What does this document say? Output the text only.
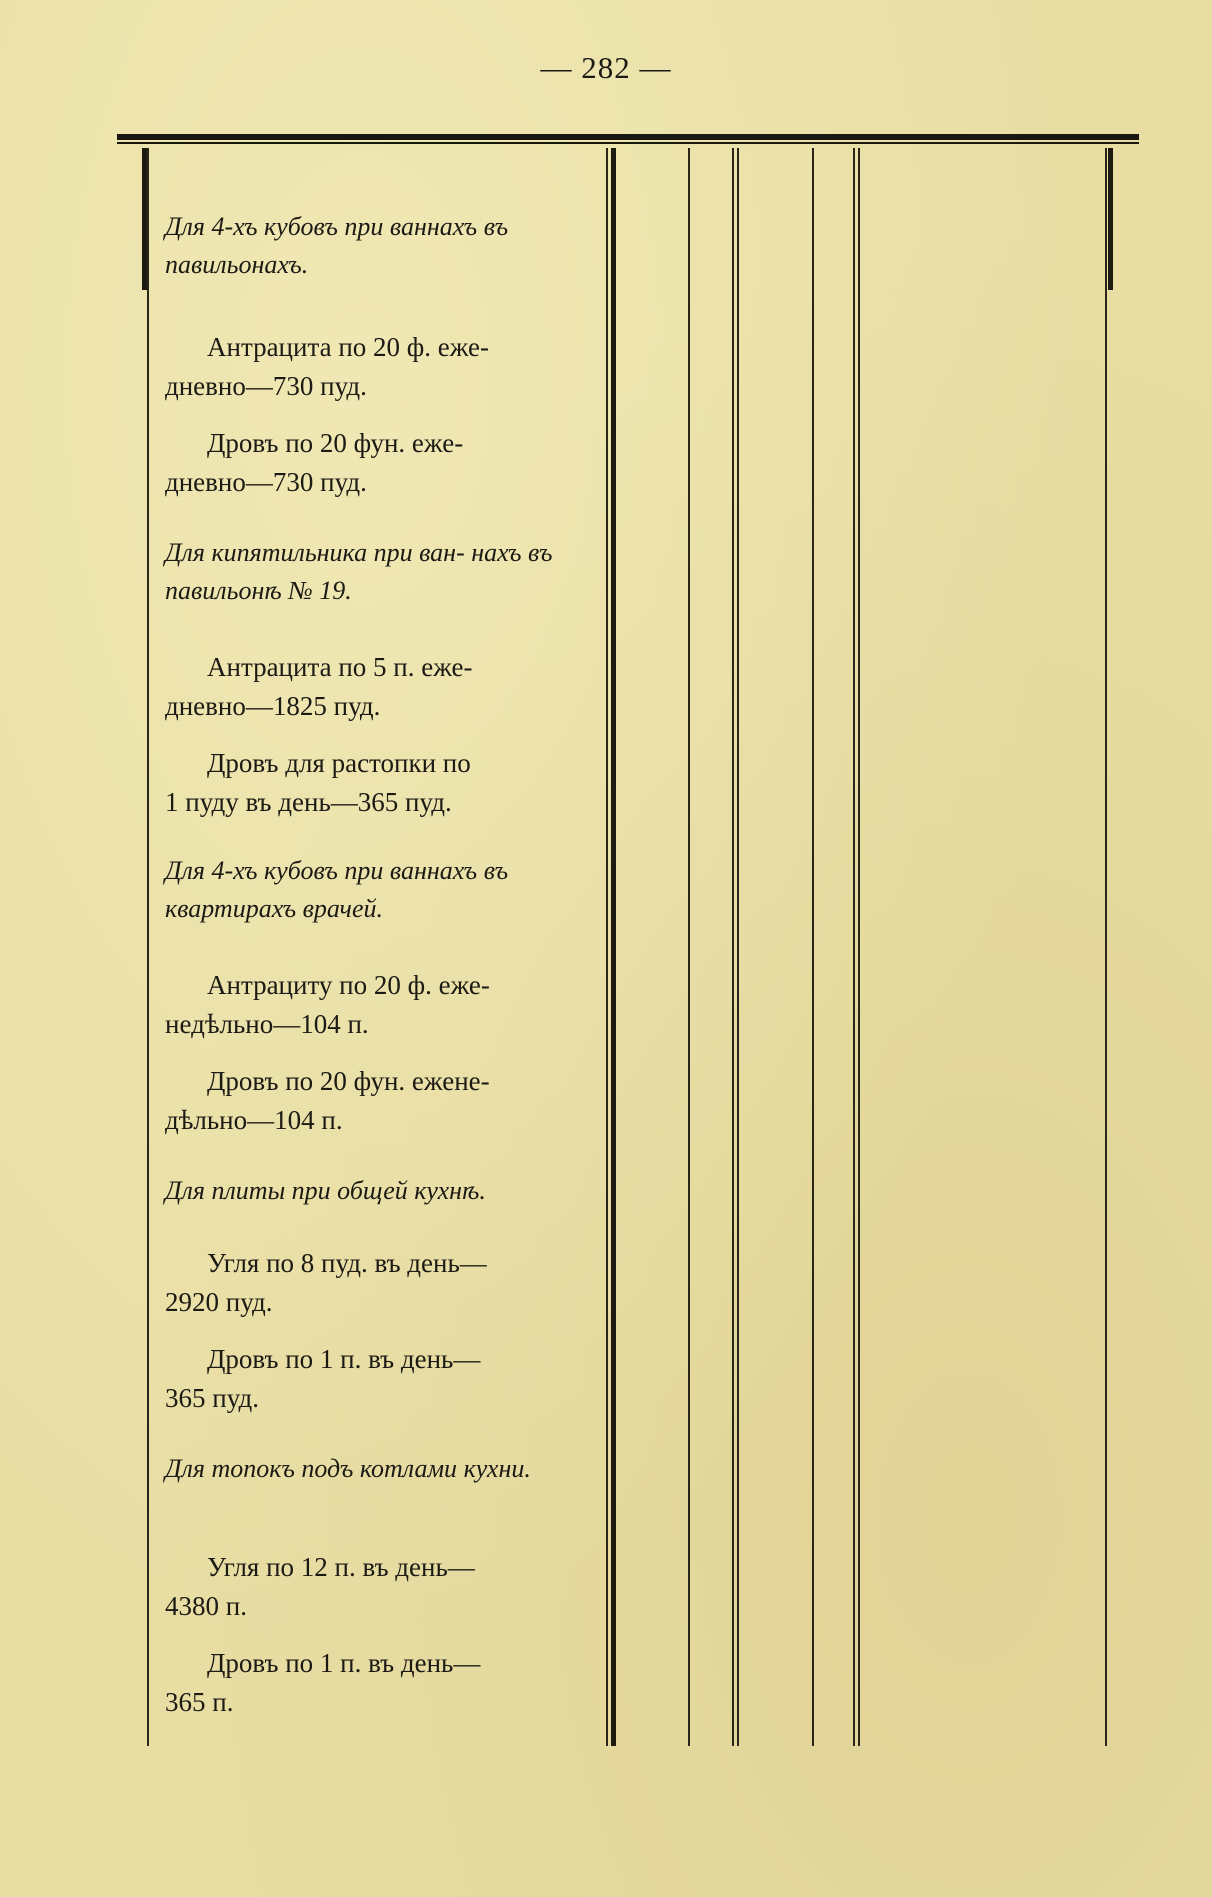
— 282 —

Для 4-хъ кубовъ при ваннахъ въ павильонахъ.

Антрацита по 20 ф. еже-
дневно—730 пуд.

Дровъ по 20 фун. еже-
дневно—730 пуд.

Для кипятильника при ван- нахъ въ павильонѣ № 19.

Антрацита по 5 п. еже-
дневно—1825 пуд.

Дровъ для растопки по
1 пуду въ день—365 пуд.

Для 4-хъ кубовъ при ваннахъ въ квартирахъ врачей.

Антрациту по 20 ф. еже-
недѣльно—104 п.

Дровъ по 20 фун. ежене-
дѣльно—104 п.

Для плиты при общей кухнѣ.

Угля по 8 пуд. въ день—
2920 пуд.

Дровъ по 1 п. въ день—
365 пуд.

Для топокъ подъ котлами кухни.

Угля по 12 п. въ день—
4380 п.

Дровъ по 1 п. въ день—
365 п.
